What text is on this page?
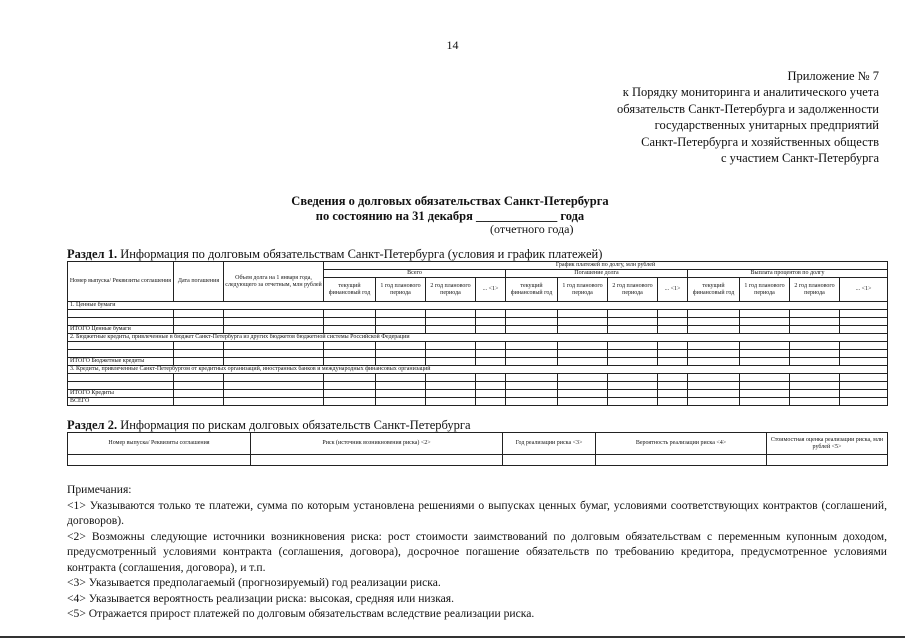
14
Приложение № 7
к Порядку мониторинга и аналитического учета
обязательств Санкт-Петербурга и задолженности
государственных унитарных предприятий
Санкт-Петербурга и хозяйственных обществ
с участием Санкт-Петербурга
Сведения о долговых обязательствах Санкт-Петербурга
по состоянию на 31 декабря _____________ года
(отчетного года)
Раздел 1. Информация по долговым обязательствам Санкт-Петербурга (условия и график платежей)
Номер выпуска/ Реквизиты соглашения	Дата погашения	Объем долга на 1 января года, следующего за отчетным, млн рублей	График платежей по долгу, млн рублей											
			Всего				Погашение долга				Выплата процентов по долгу			
			текущий финансовый год	1 год планового периода	2 год планового периода	... <1>	текущий финансовый год	1 год планового периода	2 год планового периода	... <1>	текущий финансовый год	1 год планового периода	2 год планового периода	... <1>
1. Ценные бумаги														

ИТОГО Ценные бумаги														
2. Бюджетные кредиты, привлеченные в бюджет Санкт-Петербурга из других бюджетов бюджетной системы Российской Федерации														

ИТОГО Бюджетные кредиты														
3. Кредиты, привлеченные Санкт-Петербургом от кредитных организаций, иностранных банков и международных финансовых организаций														

ИТОГО Кредиты														
ВСЕГО														
Раздел 2. Информация по рискам долговых обязательств Санкт-Петербурга
Номер выпуска/ Реквизиты соглашения	Риск (источник возникновения риска) <2>	Год реализации риска <3>	Вероятность реализации риска <4>	Стоимостная оценка реализации риска, млн рублей <5>

Примечания:

<1> Указываются только те платежи, сумма по которым установлена решениями о выпусках ценных бумаг, условиями соответствующих контрактов (соглашений, договоров).

<2> Возможны следующие источники возникновения риска: рост стоимости заимствований по долговым обязательствам с переменным купонным доходом, предусмотренный условиями контракта (соглашения, договора), досрочное погашение обязательств по требованию кредитора, предусмотренное условиями контракта (соглашения, договора), и т.п.

<3> Указывается предполагаемый (прогнозируемый) год реализации риска.

<4> Указывается вероятность реализации риска: высокая, средняя или низкая.

<5> Отражается прирост платежей по долговым обязательствам вследствие реализации риска.
